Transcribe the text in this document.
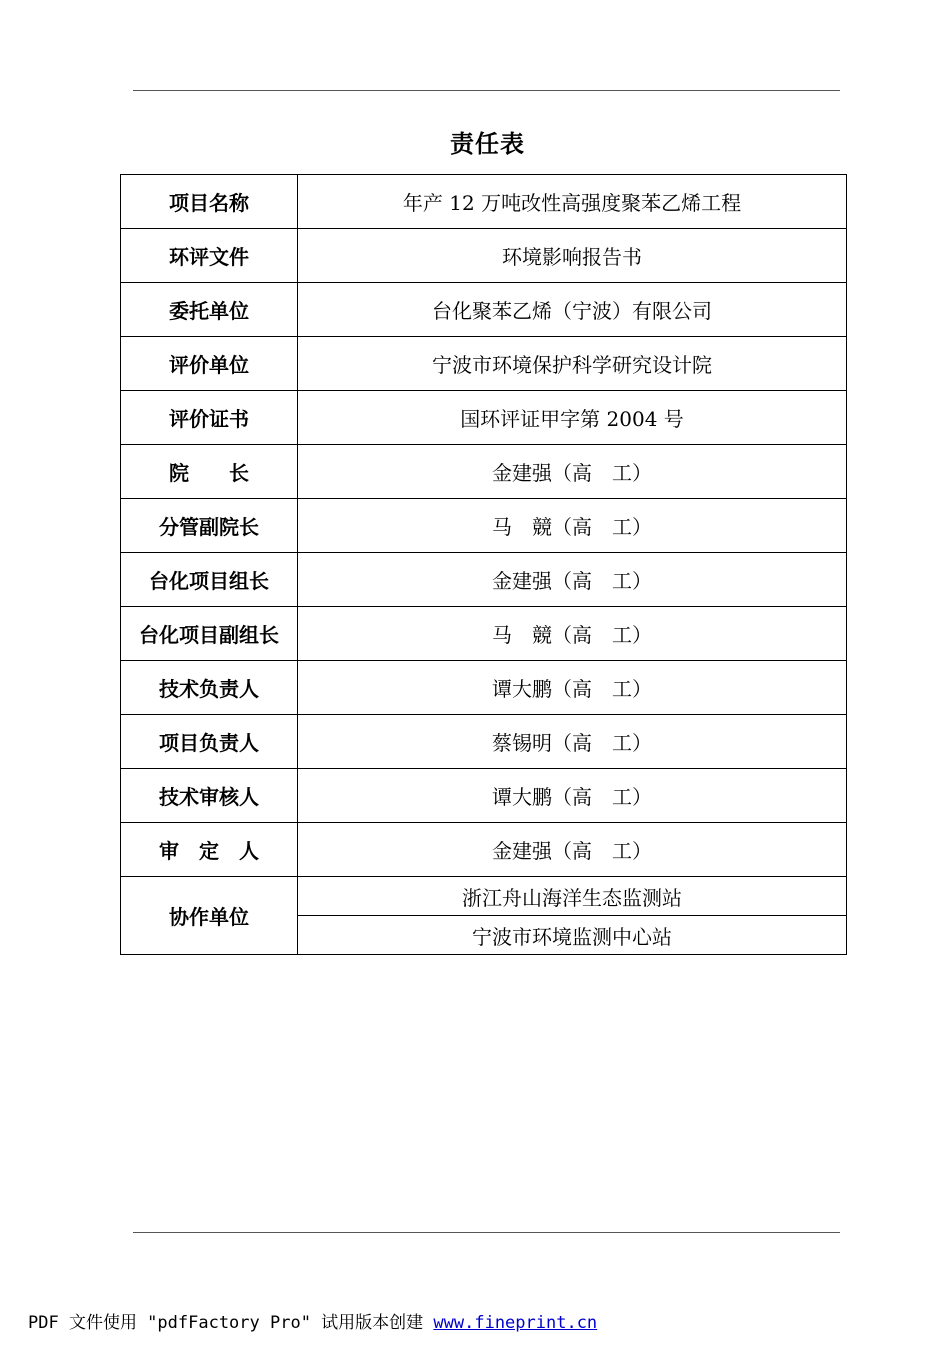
责任表
项目名称	年产 12 万吨改性高强度聚苯乙烯工程
环评文件	环境影响报告书
委托单位	台化聚苯乙烯（宁波）有限公司
评价单位	宁波市环境保护科学研究设计院
评价证书	国环评证甲字第 2004 号
院　　长	金建强（高　工）
分管副院长	马　競（高　工）
台化项目组长	金建强（高　工）
台化项目副组长	马　競（高　工）
技术负责人	谭大鹏（高　工）
项目负责人	蔡锡明（高　工）
技术审核人	谭大鹏（高　工）
审　定　人	金建强（高　工）
协作单位	浙江舟山海洋生态监测站
	宁波市环境监测中心站
PDF 文件使用 "pdfFactory Pro" 试用版本创建 www.fineprint.cn
